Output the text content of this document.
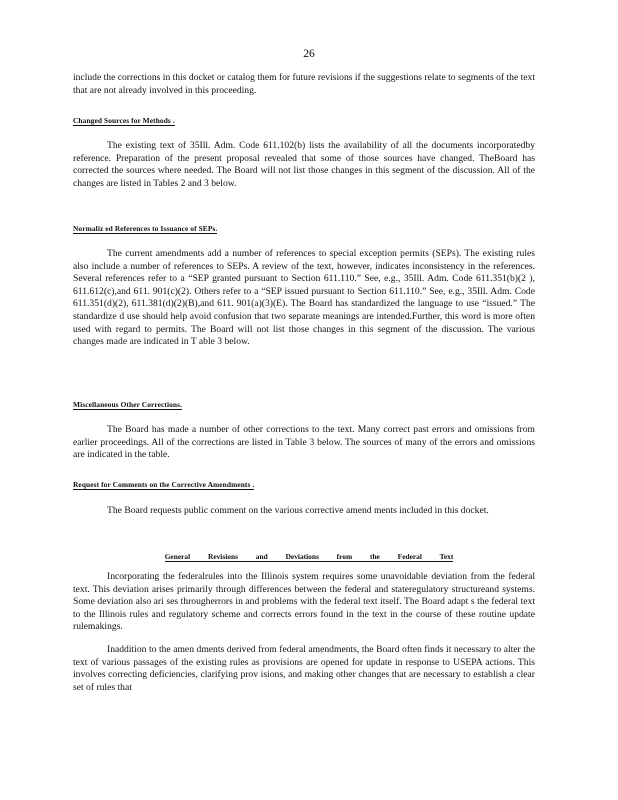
26

include the corrections in this docket or catalog them for future revisions if the suggestions relate to segments of the text that are not already involved in this proceeding.

Changed Sources for Methods .

The existing text of 35Ill. Adm. Code 611.102(b) lists the availability of all the documents incorporatedby reference. Preparation of the present proposal revealed that some of those sources have changed. TheBoard has corrected the sources where needed. The Board will not list those changes in this segment of the discussion. All of the changes are listed in Tables 2 and 3 below.

Normaliz ed References to Issuance of SEPs.

The current amendments add a number of references to special exception permits (SEPs). The existing rules also include a number of references to SEPs. A review of the text, however, indicates inconsistency in the references. Several references refer to a “SEP granted pursuant to Section 611.110.” See, e.g., 35Ill. Adm. Code 611.351(b)(2 ), 611.612(c),and 611. 901(c)(2). Others refer to a “SEP issued pursuant to Section 611.110.” See, e.g., 35Ill. Adm. Code 611.351(d)(2), 611.381(d)(2)(B),and 611. 901(a)(3)(E). The Board has standardized the language to use “issued.” The standardize d use should help avoid confusion that two separate meanings are intended.Further, this word is more often used with regard to permits. The Board will not list those changes in this segment of the discussion. The various changes made are indicated in T able 3 below.

Miscellaneous Other Corrections.

The Board has made a number of other corrections to the text. Many correct past errors and omissions from earlier proceedings. All of the corrections are listed in Table 3 below. The sources of many of the errors and omissions are indicated in the table.

Request for Comments on the Corrective Amendments .

The Board requests public comment on the various corrective amend ments included in this docket.

General Revisions and Deviations from the Federal Text

Incorporating the federalrules into the Illinois system requires some unavoidable deviation from the federal text. This deviation arises primarily through differences between the federal and stateregulatory structureand systems. Some deviation also ari ses througherrors in and problems with the federal text itself. The Board adapt s the federal text to the Illinois rules and regulatory scheme and corrects errors found in the text in the course of these routine update rulemakings.

Inaddition to the amen dments derived from federal amendments, the Board often finds it necessary to alter the text of various passages of the existing rules as provisions are opened for update in response to USEPA actions. This involves correcting deficiencies, clarifying prov isions, and making other changes that are necessary to establish a clear set of rules that
